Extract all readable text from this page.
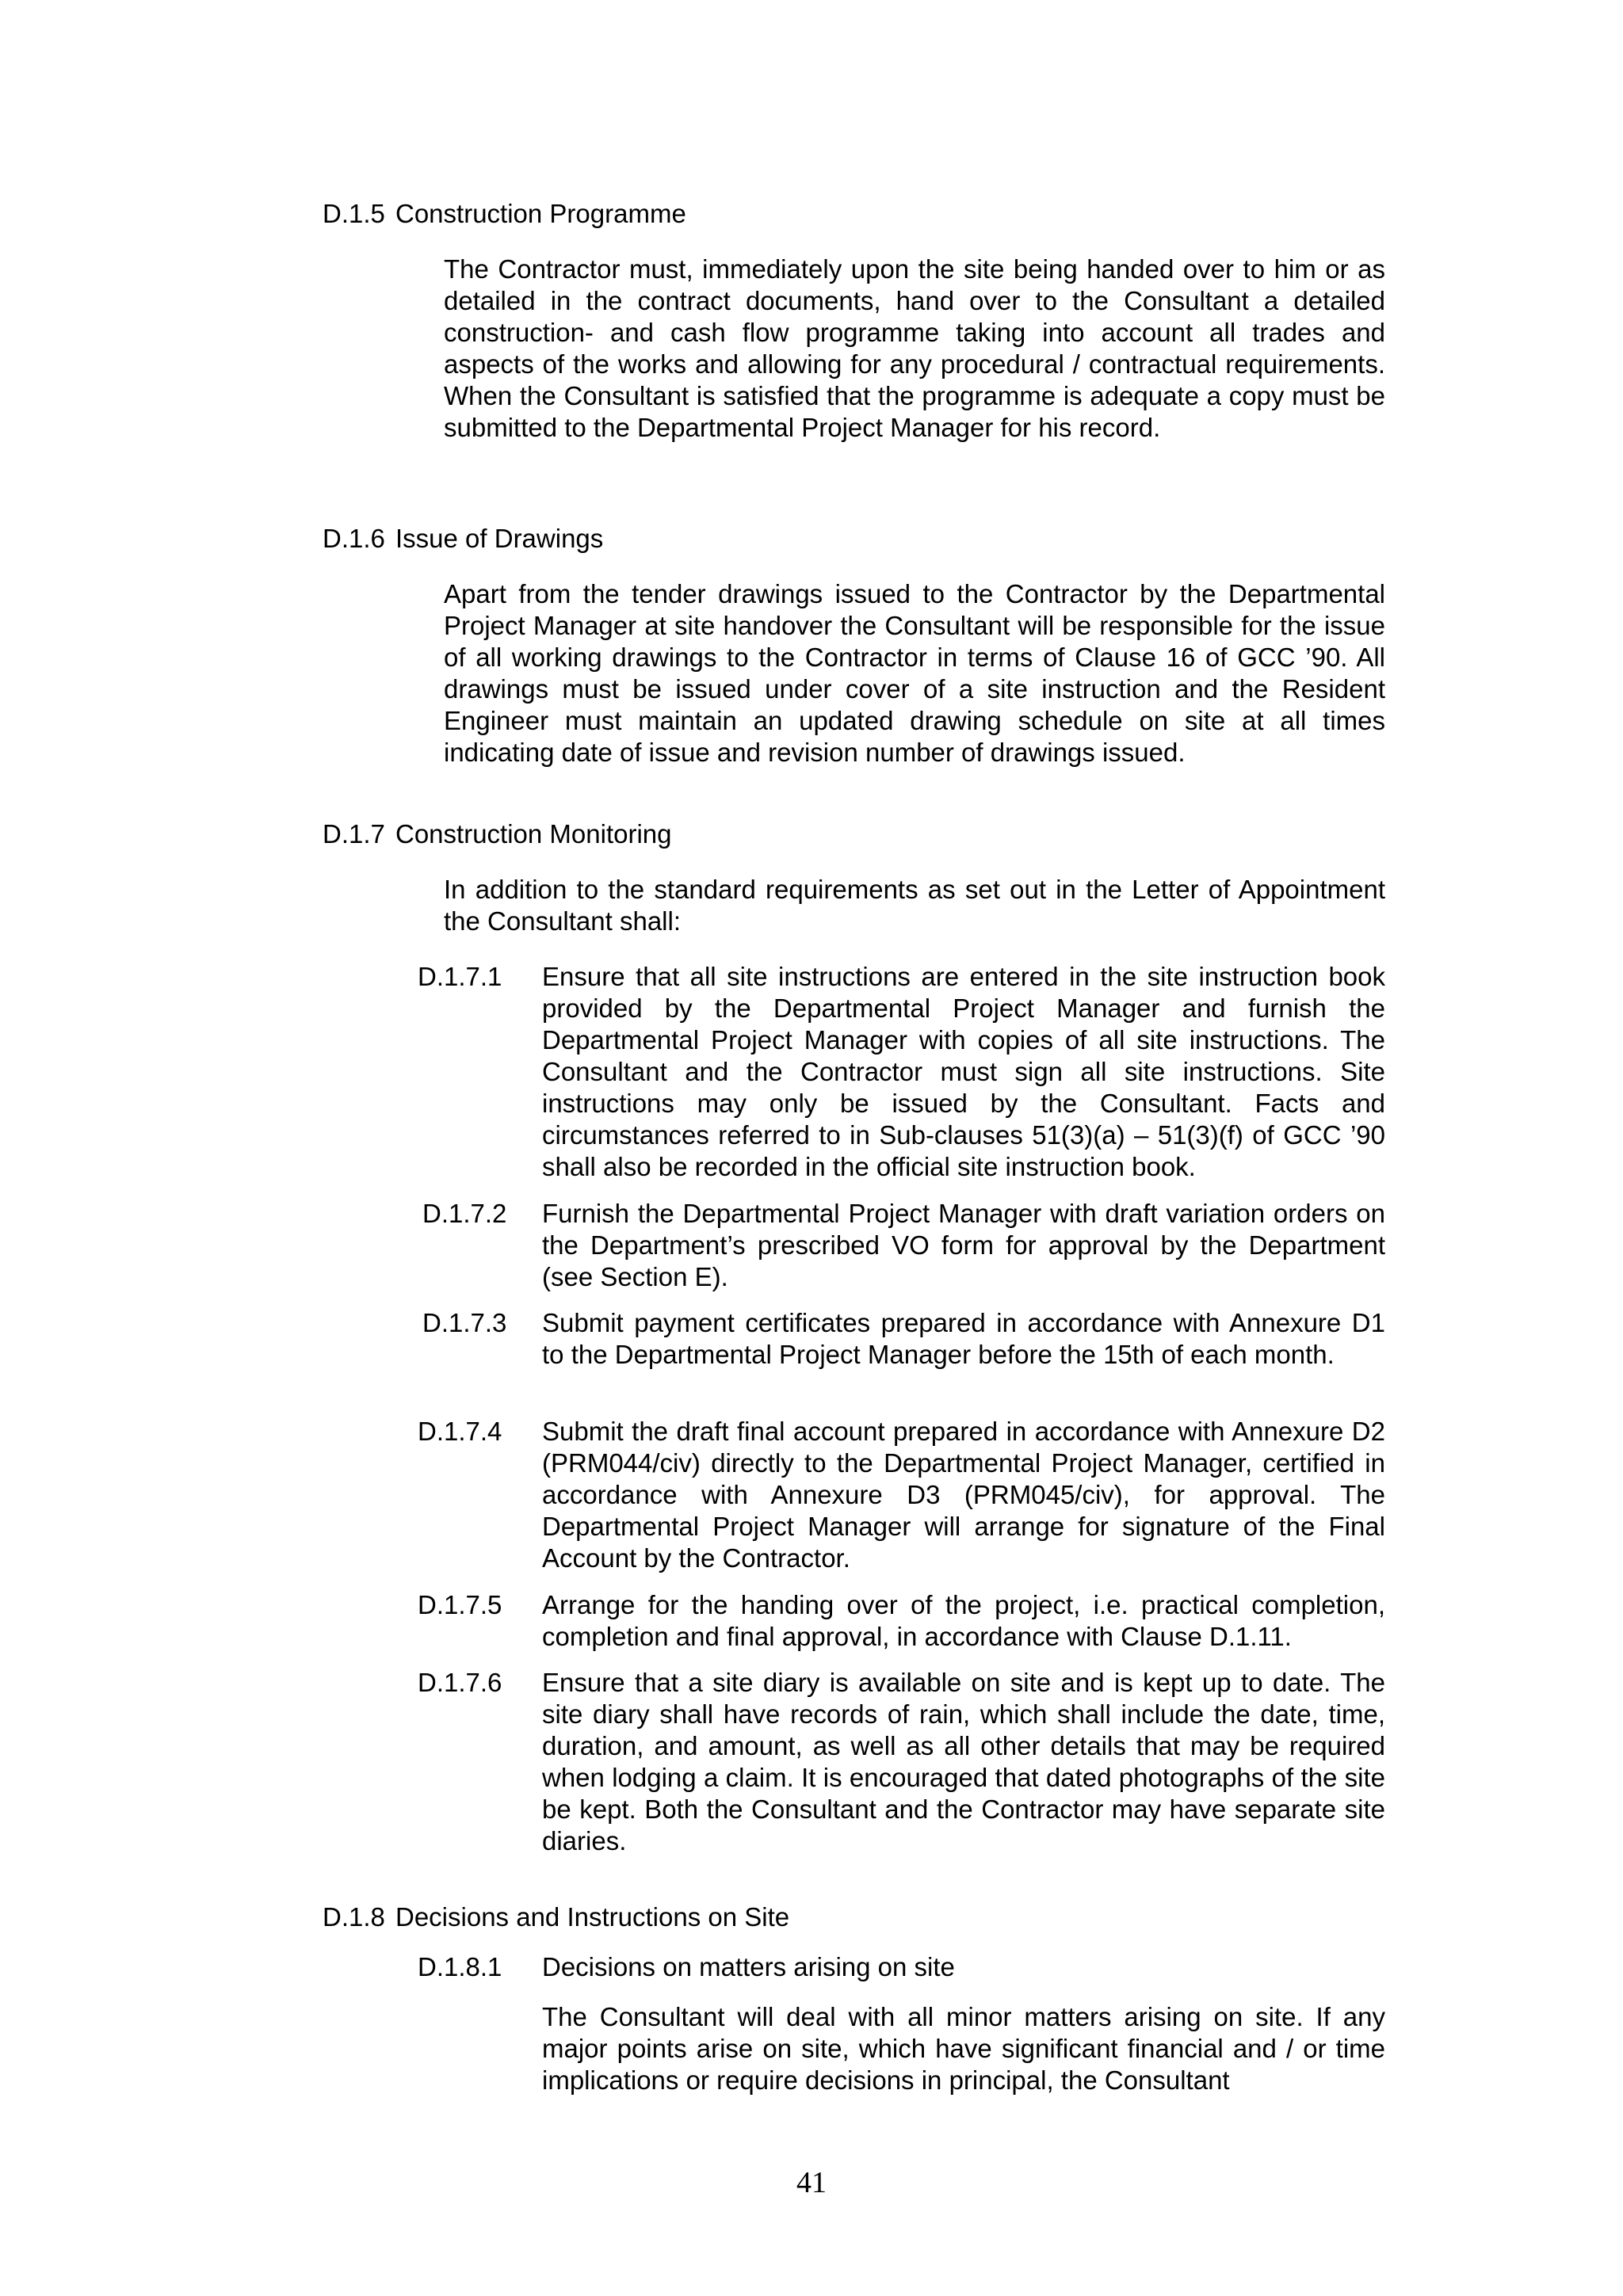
D.1.5 Construction Programme
The Contractor must, immediately upon the site being handed over to him or as detailed in the contract documents, hand over to the Consultant a detailed construction- and cash flow programme taking into account all trades and aspects of the works and allowing for any procedural / contractual requirements. When the Consultant is satisfied that the programme is adequate a copy must be submitted to the Departmental Project Manager for his record.
D.1.6 Issue of Drawings
Apart from the tender drawings issued to the Contractor by the Departmental Project Manager at site handover the Consultant will be responsible for the issue of all working drawings to the Contractor in terms of Clause 16 of GCC ’90. All drawings must be issued under cover of a site instruction and the Resident Engineer must maintain an updated drawing schedule on site at all times indicating date of issue and revision number of drawings issued.
D.1.7 Construction Monitoring
In addition to the standard requirements as set out in the Letter of Appointment the Consultant shall:
D.1.7.1	Ensure that all site instructions are entered in the site instruction book provided by the Departmental Project Manager and furnish the Departmental Project Manager with copies of all site instructions. The Consultant and the Contractor must sign all site instructions. Site instructions may only be issued by the Consultant. Facts and circumstances referred to in Sub-clauses 51(3)(a) – 51(3)(f) of GCC ’90 shall also be recorded in the official site instruction book.
D.1.7.2	Furnish the Departmental Project Manager with draft variation orders on the Department’s prescribed VO form for approval by the Department (see Section E).
D.1.7.3	Submit payment certificates prepared in accordance with Annexure D1 to the Departmental Project Manager before the 15th of each month.
D.1.7.4	Submit the draft final account prepared in accordance with Annexure D2 (PRM044/civ) directly to the Departmental Project Manager, certified in accordance with Annexure D3 (PRM045/civ), for approval. The Departmental Project Manager will arrange for signature of the Final Account by the Contractor.
D.1.7.5	Arrange for the handing over of the project, i.e. practical completion, completion and final approval, in accordance with Clause D.1.11.
D.1.7.6	Ensure that a site diary is available on site and is kept up to date. The site diary shall have records of rain, which shall include the date, time, duration, and amount, as well as all other details that may be required when lodging a claim. It is encouraged that dated photographs of the site be kept. Both the Consultant and the Contractor may have separate site diaries.
D.1.8 Decisions and Instructions on Site
D.1.8.1	Decisions on matters arising on site
The Consultant will deal with all minor matters arising on site. If any major points arise on site, which have significant financial and / or time implications or require decisions in principal, the Consultant
41
